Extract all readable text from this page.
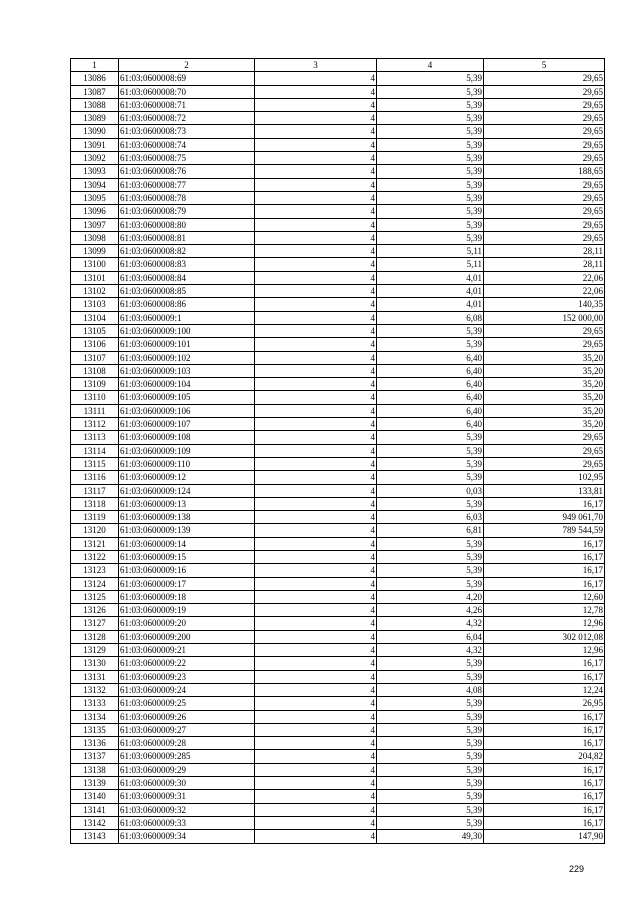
1	2	3	4	5
13086	61:03:0600008:69	4	5,39	29,65
13087	61:03:0600008:70	4	5,39	29,65
13088	61:03:0600008:71	4	5,39	29,65
13089	61:03:0600008:72	4	5,39	29,65
13090	61:03:0600008:73	4	5,39	29,65
13091	61:03:0600008:74	4	5,39	29,65
13092	61:03:0600008:75	4	5,39	29,65
13093	61:03:0600008:76	4	5,39	188,65
13094	61:03:0600008:77	4	5,39	29,65
13095	61:03:0600008:78	4	5,39	29,65
13096	61:03:0600008:79	4	5,39	29,65
13097	61:03:0600008:80	4	5,39	29,65
13098	61:03:0600008:81	4	5,39	29,65
13099	61:03:0600008:82	4	5,11	28,11
13100	61:03:0600008:83	4	5,11	28,11
13101	61:03:0600008:84	4	4,01	22,06
13102	61:03:0600008:85	4	4,01	22,06
13103	61:03:0600008:86	4	4,01	140,35
13104	61:03:0600009:1	4	6,08	152 000,00
13105	61:03:0600009:100	4	5,39	29,65
13106	61:03:0600009:101	4	5,39	29,65
13107	61:03:0600009:102	4	6,40	35,20
13108	61:03:0600009:103	4	6,40	35,20
13109	61:03:0600009:104	4	6,40	35,20
13110	61:03:0600009:105	4	6,40	35,20
13111	61:03:0600009:106	4	6,40	35,20
13112	61:03:0600009:107	4	6,40	35,20
13113	61:03:0600009:108	4	5,39	29,65
13114	61:03:0600009:109	4	5,39	29,65
13115	61:03:0600009:110	4	5,39	29,65
13116	61:03:0600009:12	4	5,39	102,95
13117	61:03:0600009:124	4	0,03	133,81
13118	61:03:0600009:13	4	5,39	16,17
13119	61:03:0600009:138	4	6,03	949 061,70
13120	61:03:0600009:139	4	6,81	789 544,59
13121	61:03:0600009:14	4	5,39	16,17
13122	61:03:0600009:15	4	5,39	16,17
13123	61:03:0600009:16	4	5,39	16,17
13124	61:03:0600009:17	4	5,39	16,17
13125	61:03:0600009:18	4	4,20	12,60
13126	61:03:0600009:19	4	4,26	12,78
13127	61:03:0600009:20	4	4,32	12,96
13128	61:03:0600009:200	4	6,04	302 012,08
13129	61:03:0600009:21	4	4,32	12,96
13130	61:03:0600009:22	4	5,39	16,17
13131	61:03:0600009:23	4	5,39	16,17
13132	61:03:0600009:24	4	4,08	12,24
13133	61:03:0600009:25	4	5,39	26,95
13134	61:03:0600009:26	4	5,39	16,17
13135	61:03:0600009:27	4	5,39	16,17
13136	61:03:0600009:28	4	5,39	16,17
13137	61:03:0600009:285	4	5,39	204,82
13138	61:03:0600009:29	4	5,39	16,17
13139	61:03:0600009:30	4	5,39	16,17
13140	61:03:0600009:31	4	5,39	16,17
13141	61:03:0600009:32	4	5,39	16,17
13142	61:03:0600009:33	4	5,39	16,17
13143	61:03:0600009:34	4	49,30	147,90
229
